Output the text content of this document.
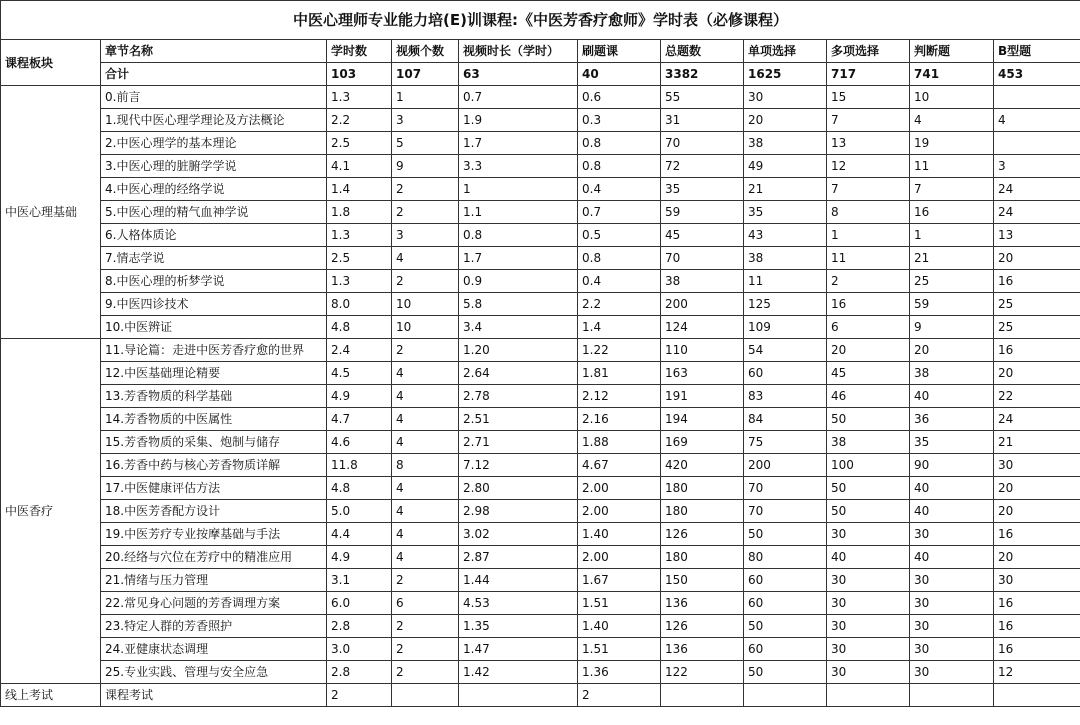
中医心理师专业能力培(E)训课程:《中医芳香疗愈师》学时表（必修课程）										
课程板块	章节名称	学时数	视频个数	视频时长（学时）	刷题课	总题数	单项选择	多项选择	判断题	B型题
	合计	103	107	63	40	3382	1625	717	741	453
中医心理基础	0.前言	1.3	1	0.7	0.6	55	30	15	10	
	1.现代中医心理学理论及方法概论	2.2	3	1.9	0.3	31	20	7	4	4
	2.中医心理学的基本理论	2.5	5	1.7	0.8	70	38	13	19	
	3.中医心理的脏腑学学说	4.1	9	3.3	0.8	72	49	12	11	3
	4.中医心理的经络学说	1.4	2	1	0.4	35	21	7	7	24
	5.中医心理的精气血神学说	1.8	2	1.1	0.7	59	35	8	16	24
	6.人格体质论	1.3	3	0.8	0.5	45	43	1	1	13
	7.情志学说	2.5	4	1.7	0.8	70	38	11	21	20
	8.中医心理的析梦学说	1.3	2	0.9	0.4	38	11	2	25	16
	9.中医四诊技术	8.0	10	5.8	2.2	200	125	16	59	25
	10.中医辨证	4.8	10	3.4	1.4	124	109	6	9	25
中医香疗	11.导论篇：走进中医芳香疗愈的世界	2.4	2	1.20	1.22	110	54	20	20	16
	12.中医基础理论精要	4.5	4	2.64	1.81	163	60	45	38	20
	13.芳香物质的科学基础	4.9	4	2.78	2.12	191	83	46	40	22
	14.芳香物质的中医属性	4.7	4	2.51	2.16	194	84	50	36	24
	15.芳香物质的采集、炮制与储存	4.6	4	2.71	1.88	169	75	38	35	21
	16.芳香中药与核心芳香物质详解	11.8	8	7.12	4.67	420	200	100	90	30
	17.中医健康评估方法	4.8	4	2.80	2.00	180	70	50	40	20
	18.中医芳香配方设计	5.0	4	2.98	2.00	180	70	50	40	20
	19.中医芳疗专业按摩基础与手法	4.4	4	3.02	1.40	126	50	30	30	16
	20.经络与穴位在芳疗中的精准应用	4.9	4	2.87	2.00	180	80	40	40	20
	21.情绪与压力管理	3.1	2	1.44	1.67	150	60	30	30	30
	22.常见身心问题的芳香调理方案	6.0	6	4.53	1.51	136	60	30	30	16
	23.特定人群的芳香照护	2.8	2	1.35	1.40	126	50	30	30	16
	24.亚健康状态调理	3.0	2	1.47	1.51	136	60	30	30	16
	25.专业实践、管理与安全应急	2.8	2	1.42	1.36	122	50	30	30	12
线上考试	课程考试	2			2					
